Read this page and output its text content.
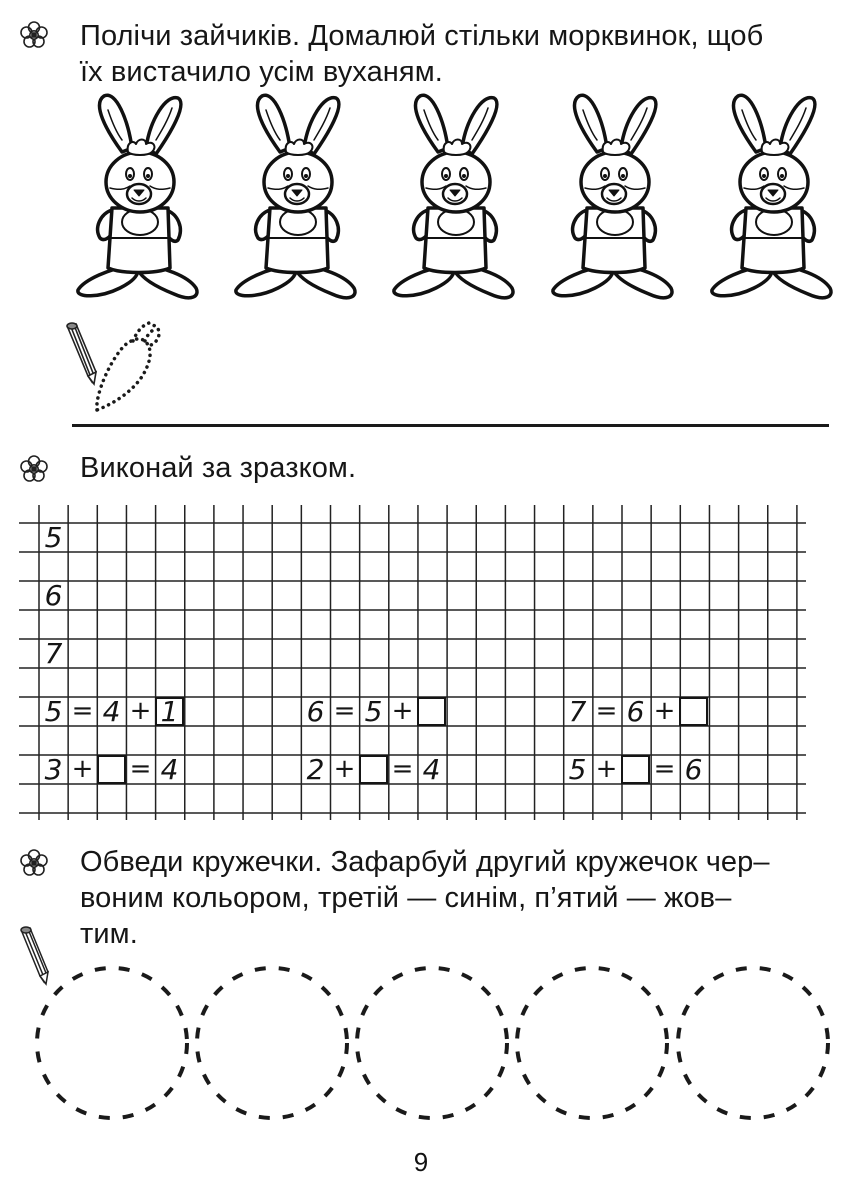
Полічи зайчиків. Домалюй стільки морквинок, щоб
їх вистачило усім вуханям.
Виконай за зразком.
5
6
7
5 = 4 + 1	6 = 5 +	7 = 6 +
3 + = 4	2 + = 4	5 + = 6
Обведи кружечки. Зафарбуй другий кружечок чер–
воним кольором, третій — синім, п’ятий — жов–
тим.
9
